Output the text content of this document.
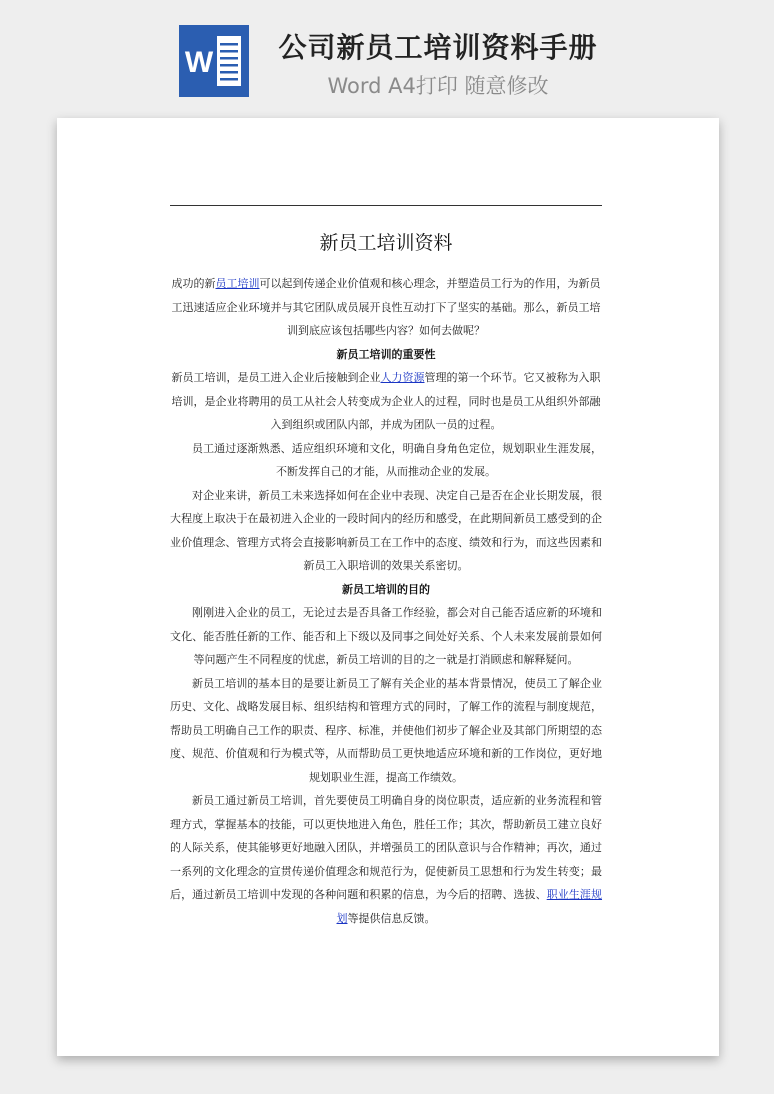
W	公司新员工培训资料手册
Word A4打印 随意修改
新员工培训资料

成功的新员工培训可以起到传递企业价值观和核心理念，并塑造员工行为的作用，为新员工迅速适应企业环境并与其它团队成员展开良性互动打下了坚实的基础。那么，新员工培训到底应该包括哪些内容？如何去做呢？

新员工培训的重要性

新员工培训，是员工进入企业后接触到企业人力资源管理的第一个环节。它又被称为入职培训，是企业将聘用的员工从社会人转变成为企业人的过程，同时也是员工从组织外部融入到组织或团队内部，并成为团队一员的过程。

员工通过逐渐熟悉、适应组织环境和文化，明确自身角色定位，规划职业生涯发展，不断发挥自己的才能，从而推动企业的发展。

对企业来讲，新员工未来选择如何在企业中表现、决定自己是否在企业长期发展，很大程度上取决于在最初进入企业的一段时间内的经历和感受，在此期间新员工感受到的企业价值理念、管理方式将会直接影响新员工在工作中的态度、绩效和行为，而这些因素和新员工入职培训的效果关系密切。

新员工培训的目的

刚刚进入企业的员工，无论过去是否具备工作经验，都会对自己能否适应新的环境和文化、能否胜任新的工作、能否和上下级以及同事之间处好关系、个人未来发展前景如何等问题产生不同程度的忧虑，新员工培训的目的之一就是打消顾虑和解释疑问。

新员工培训的基本目的是要让新员工了解有关企业的基本背景情况，使员工了解企业历史、文化、战略发展目标、组织结构和管理方式的同时，了解工作的流程与制度规范，帮助员工明确自己工作的职责、程序、标准，并使他们初步了解企业及其部门所期望的态度、规范、价值观和行为模式等，从而帮助员工更快地适应环境和新的工作岗位，更好地规划职业生涯，提高工作绩效。

新员工通过新员工培训，首先要使员工明确自身的岗位职责，适应新的业务流程和管理方式，掌握基本的技能，可以更快地进入角色，胜任工作；其次，帮助新员工建立良好的人际关系，使其能够更好地融入团队，并增强员工的团队意识与合作精神；再次，通过一系列的文化理念的宣贯传递价值理念和规范行为，促使新员工思想和行为发生转变；最后，通过新员工培训中发现的各种问题和积累的信息，为今后的招聘、选拔、职业生涯规划等提供信息反馈。
